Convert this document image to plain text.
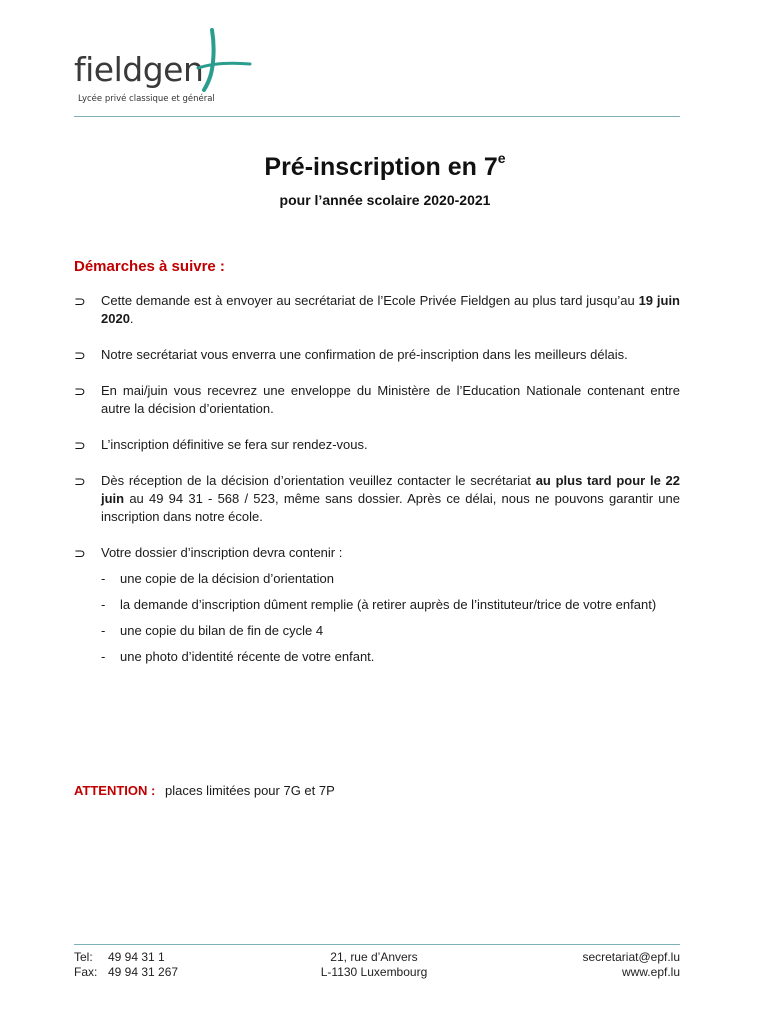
fieldgen
Lycée privé classique et général
Pré-inscription en 7e
pour l’année scolaire 2020-2021
Démarches à suivre :
⊃	Cette demande est à envoyer au secrétariat de l’Ecole Privée Fieldgen au plus tard jusqu’au 19 juin 2020.
⊃	Notre secrétariat vous enverra une confirmation de pré-inscription dans les meilleurs délais.
⊃	En mai/juin vous recevrez une enveloppe du Ministère de l’Education Nationale contenant entre autre la décision d’orientation.
⊃	L’inscription définitive se fera sur rendez-vous.
⊃	Dès réception de la décision d’orientation veuillez contacter le secrétariat au plus tard pour le 22 juin au 49 94 31 - 568 / 523, même sans dossier. Après ce délai, nous ne pouvons garantir une inscription dans notre école.
⊃	Votre dossier d’inscription devra contenir :
-	une copie de la décision d’orientation
-	la demande d’inscription dûment remplie (à retirer auprès de l’instituteur/trice de votre enfant)
-	une copie du bilan de fin de cycle 4
-	une photo d’identité récente de votre enfant.
ATTENTION : places limitées pour 7G et 7P
Tel: 49 94 31 1
Fax: 49 94 31 267
21, rue d’Anvers
L-1130 Luxembourg
secretariat@epf.lu
www.epf.lu
